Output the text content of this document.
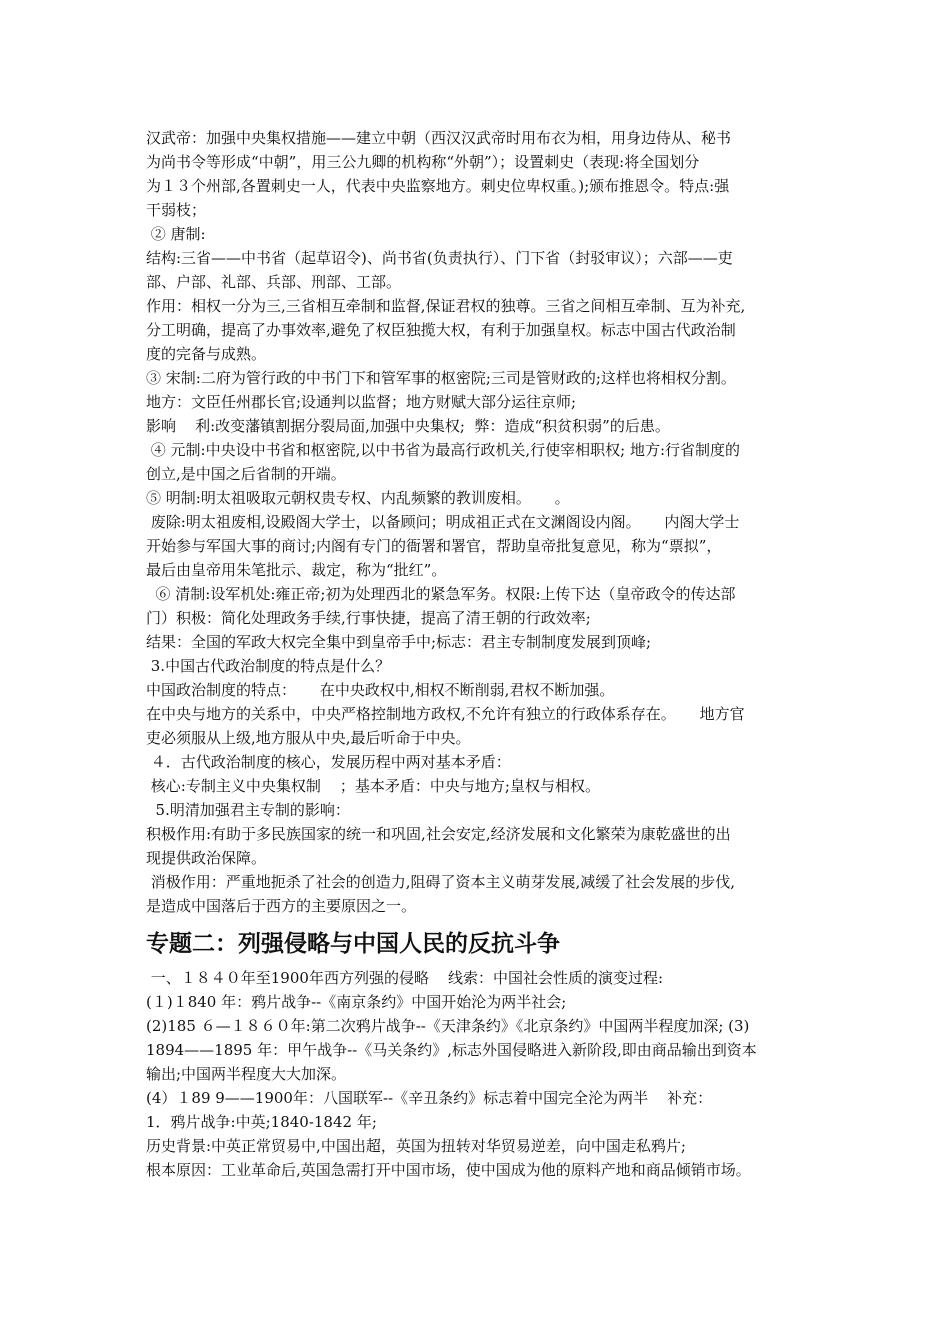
汉武帝：加强中央集权措施——建立中朝（西汉汉武帝时用布衣为相，用身边侍从、秘书
为尚书令等形成“中朝”，用三公九卿的机构称“外朝”）；设置刺史（表现:将全国划分
为１３个州部,各置刺史一人，代表中央监察地方。刺史位卑权重。);颁布推恩令。特点:强
干弱枝；
② 唐制:
结构:三省——中书省（起草诏令)、尚书省(负责执行）、门下省（封驳审议）；六部——吏
部、户部、礼部、兵部、刑部、工部。
作用：相权一分为三,三省相互牵制和监督,保证君权的独尊。三省之间相互牵制、互为补充,
分工明确，提高了办事效率,避免了权臣独揽大权，有利于加强皇权。标志中国古代政治制
度的完备与成熟。
③ 宋制:二府为管行政的中书门下和管军事的枢密院;三司是管财政的;这样也将相权分割。
地方：文臣任州郡长官;设通判以监督；地方财赋大部分运往京师;
影响    利:改变藩镇割据分裂局面,加强中央集权;  弊：造成“积贫积弱”的后患。
④ 元制:中央设中书省和枢密院,以中书省为最高行政机关,行使宰相职权; 地方:行省制度的
创立,是中国之后省制的开端。
⑤ 明制:明太祖吸取元朝权贵专权、内乱频繁的教训废相。     。
废除:明太祖废相,设殿阁大学士，以备顾问；明成祖正式在文渊阁设内阁。     内阁大学士
开始参与军国大事的商讨;内阁有专门的衙署和署官，帮助皇帝批复意见，称为“票拟”，
最后由皇帝用朱笔批示、裁定，称为“批红”。
⑥ 清制:设军机处:雍正帝;初为处理西北的紧急军务。权限:上传下达（皇帝政令的传达部
门）积极：简化处理政务手续,行事快捷，提高了清王朝的行政效率;
结果：全国的军政大权完全集中到皇帝手中;标志：君主专制制度发展到顶峰;
3.中国古代政治制度的特点是什么？
中国政治制度的特点：     在中央政权中,相权不断削弱,君权不断加强。
在中央与地方的关系中，中央严格控制地方政权,不允许有独立的行政体系存在。     地方官
吏必须服从上级,地方服从中央,最后听命于中央。
４．古代政治制度的核心，发展历程中两对基本矛盾：
核心:专制主义中央集权制    ；基本矛盾：中央与地方;皇权与相权。
5.明清加强君主专制的影响：
积极作用:有助于多民族国家的统一和巩固,社会安定,经济发展和文化繁荣为康乾盛世的出
现提供政治保障。
消极作用：严重地扼杀了社会的创造力,阻碍了资本主义萌芽发展,减缓了社会发展的步伐,
是造成中国落后于西方的主要原因之一。
专题二：列强侵略与中国人民的反抗斗争
一、１８４０年至1900年西方列强的侵略    线索：中国社会性质的演变过程:
(１)１840 年：鸦片战争--《南京条约》中国开始沦为两半社会;
(2)185 ６—１８６０年:第二次鸦片战争--《天津条约》《北京条约》中国两半程度加深; (3)
1894——1895 年：甲午战争--《马关条约》,标志外国侵略进入新阶段,即由商品输出到资本
输出;中国两半程度大大加深。
(4）１89 9——1900年：八国联军--《辛丑条约》标志着中国完全沦为两半    补充：
1．鸦片战争:中英;1840-1842 年;
历史背景:中英正常贸易中,中国出超，英国为扭转对华贸易逆差，向中国走私鸦片;
根本原因：工业革命后,英国急需打开中国市场，使中国成为他的原料产地和商品倾销市场。
